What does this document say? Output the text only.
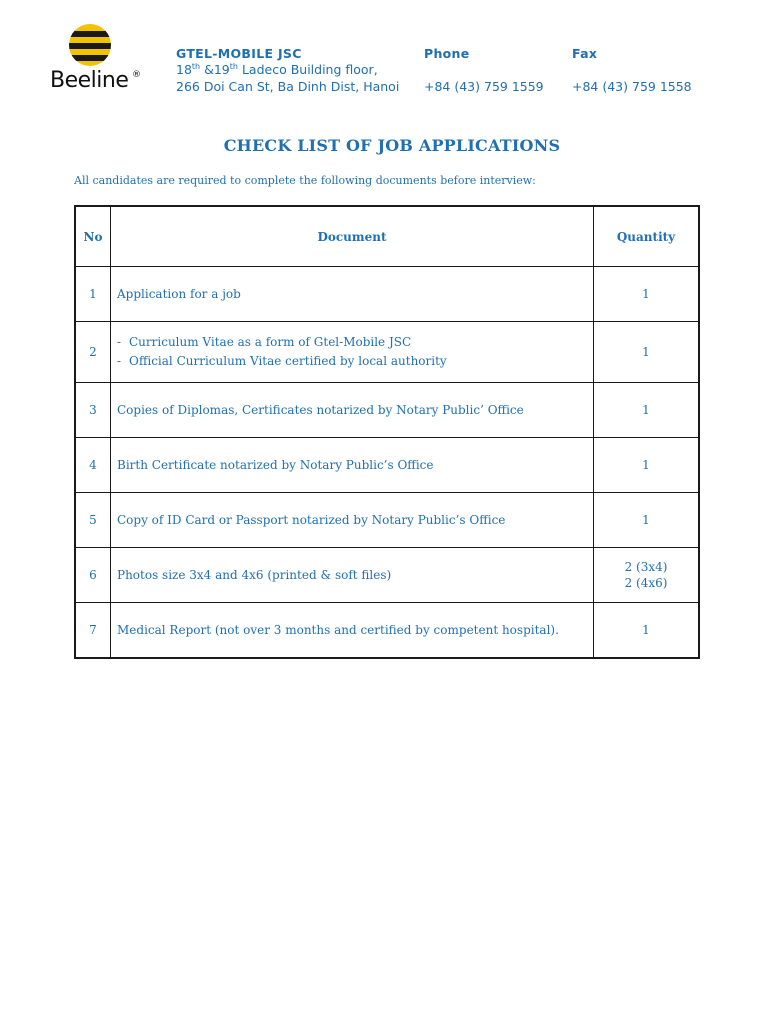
Beeline ®
GTEL-MOBILE JSC
18th &19th Ladeco Building floor,
266 Doi Can St, Ba Dinh Dist, Hanoi
Phone
+84 (43) 759 1559
Fax
+84 (43) 759 1558
CHECK LIST OF JOB APPLICATIONS
All candidates are required to complete the following documents before interview:
No	Document	Quantity
1	Application for a job	1
2	- Curriculum Vitae as a form of Gtel-Mobile JSC
- Official Curriculum Vitae certified by local authority	1
3	Copies of Diplomas, Certificates notarized by Notary Public’ Office	1
4	Birth Certificate notarized by Notary Public’s Office	1
5	Copy of ID Card or Passport notarized by Notary Public’s Office	1
6	Photos size 3x4 and 4x6 (printed & soft files)	2 (3x4)
2 (4x6)

7	Medical Report (not over 3 months and certified by competent hospital).	1
